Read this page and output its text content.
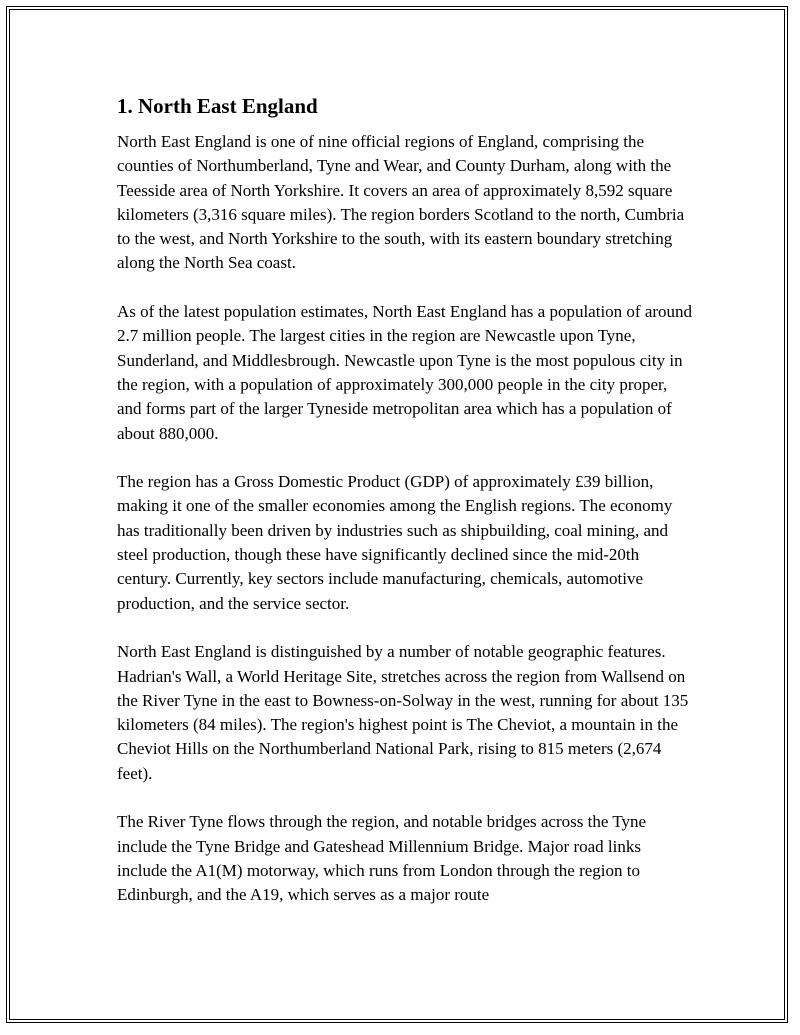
1. North East England

North East England is one of nine official regions of England, comprising the counties of Northumberland, Tyne and Wear, and County Durham, along with the Teesside area of North Yorkshire. It covers an area of approximately 8,592 square kilometers (3,316 square miles). The region borders Scotland to the north, Cumbria to the west, and North Yorkshire to the south, with its eastern boundary stretching along the North Sea coast.

As of the latest population estimates, North East England has a population of around 2.7 million people. The largest cities in the region are Newcastle upon Tyne, Sunderland, and Middlesbrough. Newcastle upon Tyne is the most populous city in the region, with a population of approximately 300,000 people in the city proper, and forms part of the larger Tyneside metropolitan area which has a population of about 880,000.

The region has a Gross Domestic Product (GDP) of approximately £39 billion, making it one of the smaller economies among the English regions. The economy has traditionally been driven by industries such as shipbuilding, coal mining, and steel production, though these have significantly declined since the mid-20th century. Currently, key sectors include manufacturing, chemicals, automotive production, and the service sector.

North East England is distinguished by a number of notable geographic features. Hadrian's Wall, a World Heritage Site, stretches across the region from Wallsend on the River Tyne in the east to Bowness-on-Solway in the west, running for about 135 kilometers (84 miles). The region's highest point is The Cheviot, a mountain in the Cheviot Hills on the Northumberland National Park, rising to 815 meters (2,674 feet).

The River Tyne flows through the region, and notable bridges across the Tyne include the Tyne Bridge and Gateshead Millennium Bridge. Major road links include the A1(M) motorway, which runs from London through the region to Edinburgh, and the A19, which serves as a major route
